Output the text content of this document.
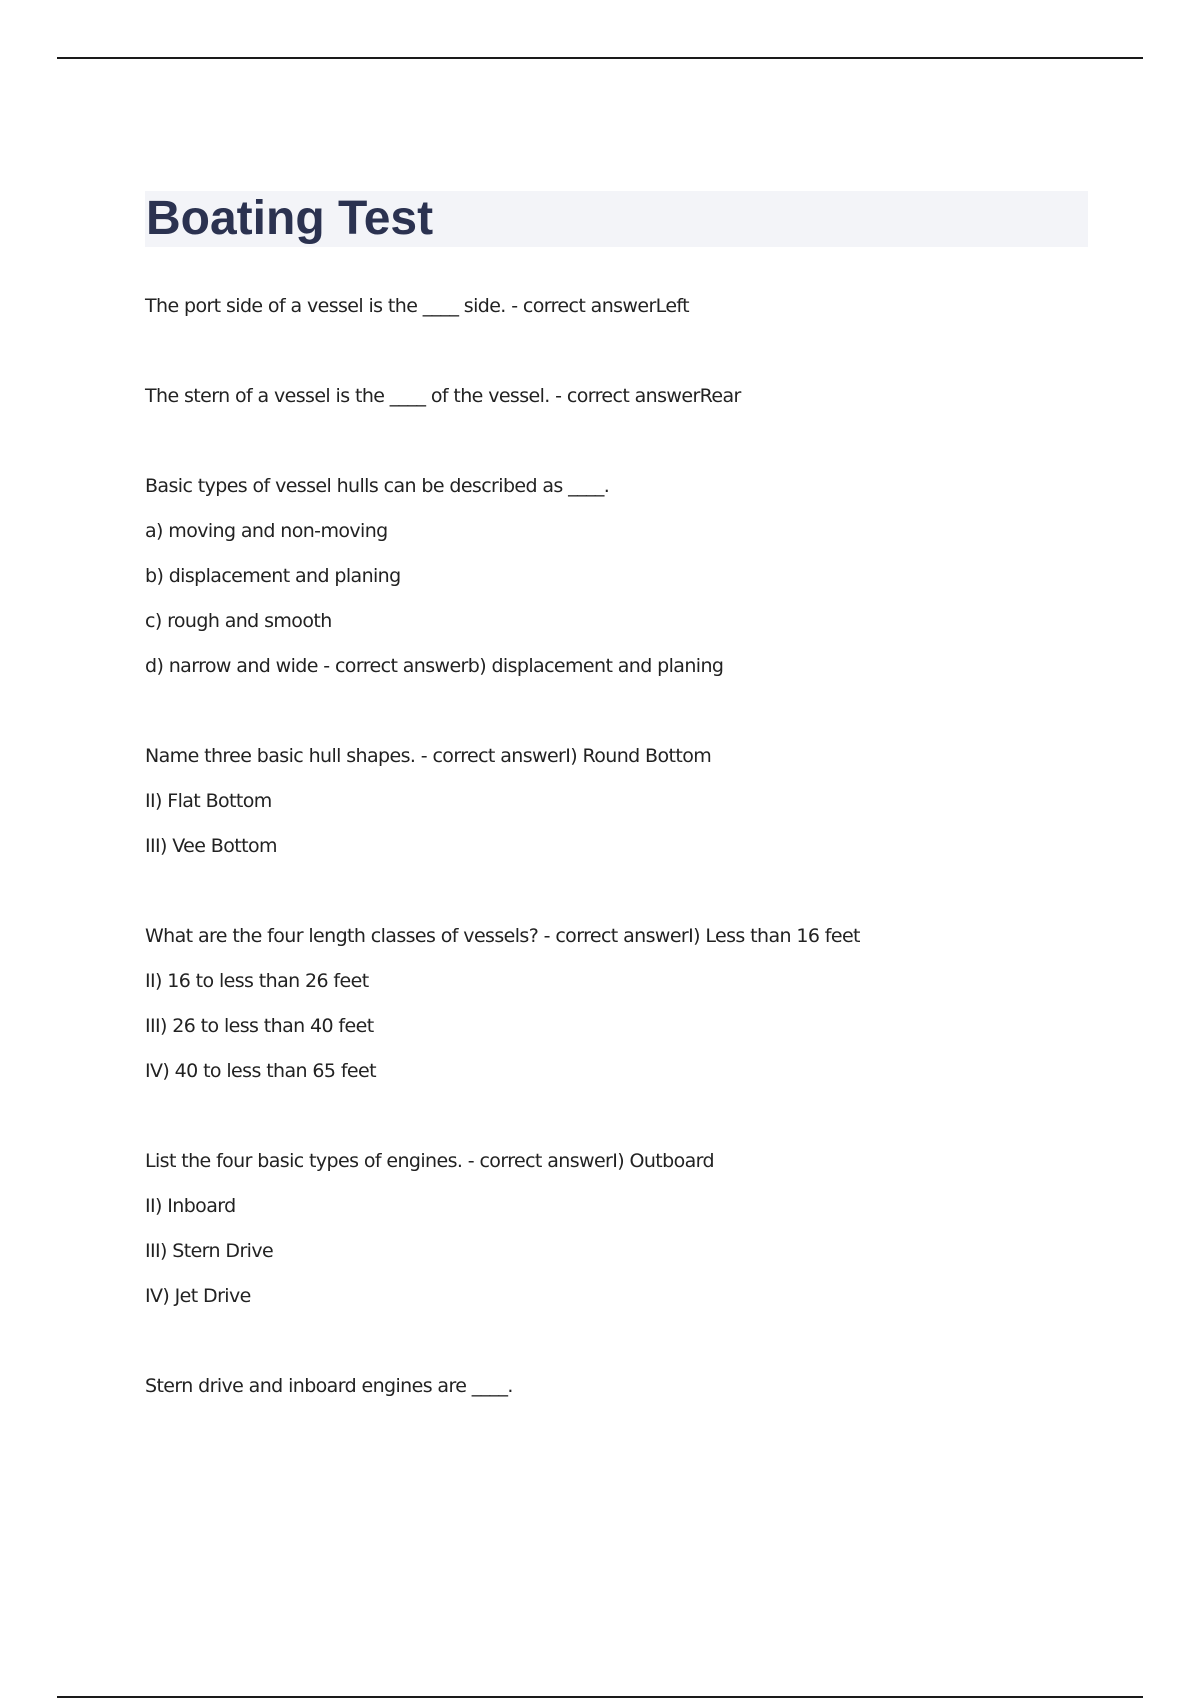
Boating Test

The port side of a vessel is the ____ side. - correct answerLeft

The stern of a vessel is the ____ of the vessel. - correct answerRear

Basic types of vessel hulls can be described as ____.

a) moving and non-moving

b) displacement and planing

c) rough and smooth

d) narrow and wide - correct answerb) displacement and planing

Name three basic hull shapes. - correct answerI) Round Bottom

II) Flat Bottom

III) Vee Bottom

What are the four length classes of vessels? - correct answerI) Less than 16 feet

II) 16 to less than 26 feet

III) 26 to less than 40 feet

IV) 40 to less than 65 feet

List the four basic types of engines. - correct answerI) Outboard

II) Inboard

III) Stern Drive

IV) Jet Drive

Stern drive and inboard engines are ____.
